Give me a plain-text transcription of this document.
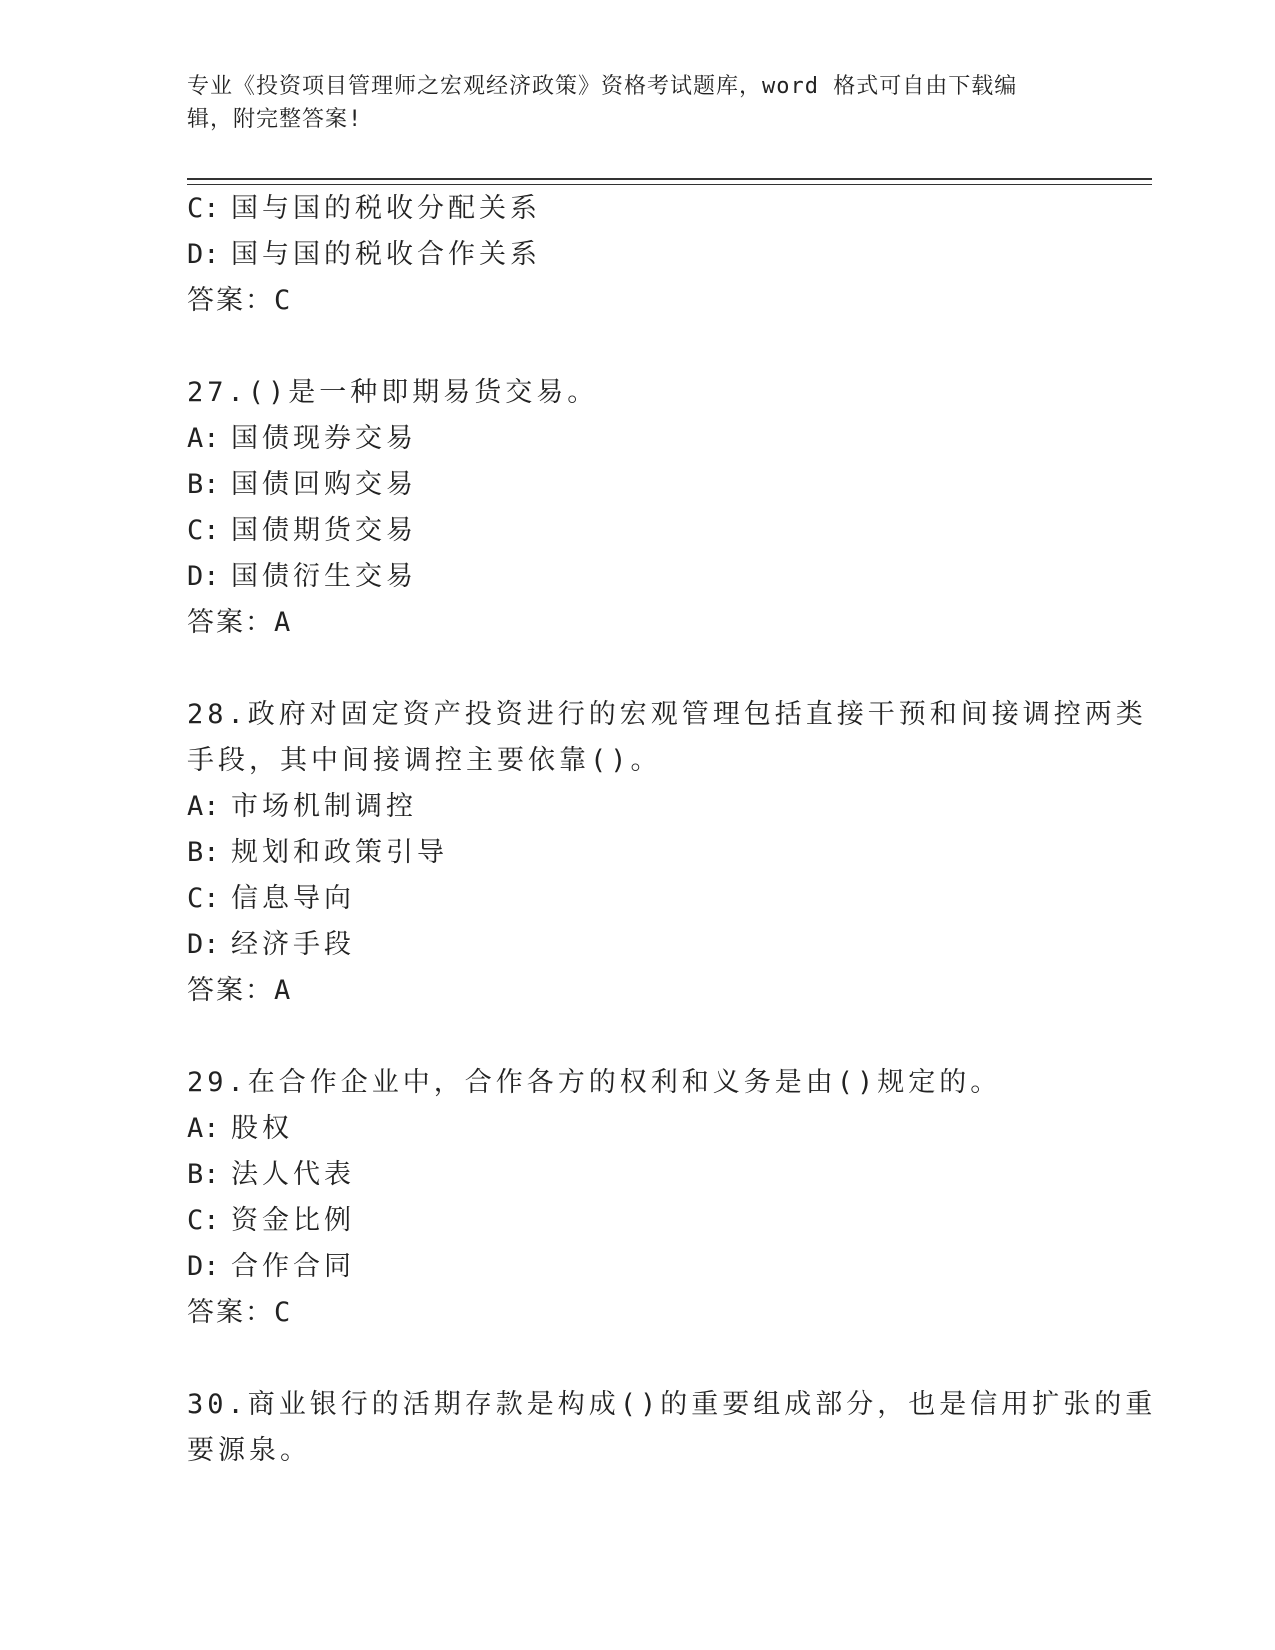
专业《投资项目管理师之宏观经济政策》资格考试题库，word 格式可自由下载编
辑，附完整答案!
C: 国与国的税收分配关系
D: 国与国的税收合作关系
答案：C
27.()是一种即期易货交易。
A: 国债现券交易
B: 国债回购交易
C: 国债期货交易
D: 国债衍生交易
答案：A
28.政府对固定资产投资进行的宏观管理包括直接干预和间接调控两类
手段，其中间接调控主要依靠()。
A: 市场机制调控
B: 规划和政策引导
C: 信息导向
D: 经济手段
答案：A
29.在合作企业中，合作各方的权利和义务是由()规定的。
A: 股权
B: 法人代表
C: 资金比例
D: 合作合同
答案：C
30.商业银行的活期存款是构成()的重要组成部分，也是信用扩张的重
要源泉。
